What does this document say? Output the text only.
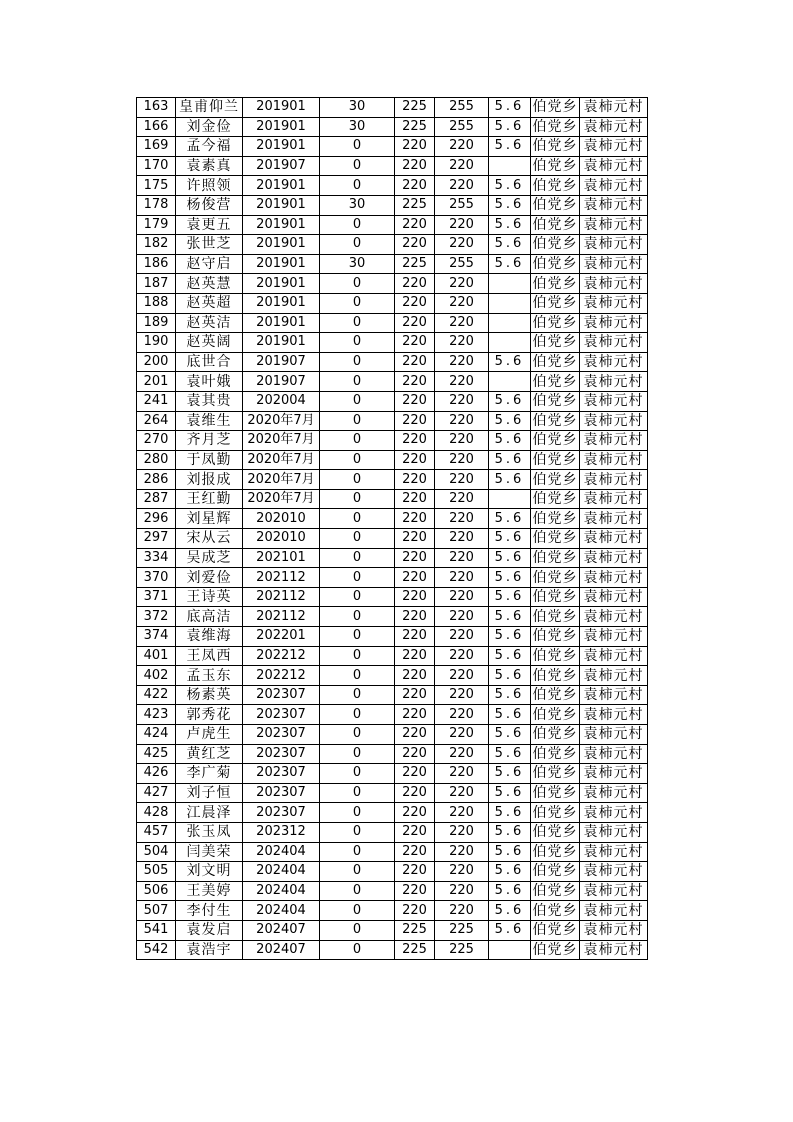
163	皇甫仰兰	201901	30	225	255	5.6	伯党乡	袁柿元村
166	刘金俭	201901	30	225	255	5.6	伯党乡	袁柿元村
169	孟今福	201901	0	220	220	5.6	伯党乡	袁柿元村
170	袁素真	201907	0	220	220		伯党乡	袁柿元村
175	许照领	201901	0	220	220	5.6	伯党乡	袁柿元村
178	杨俊营	201901	30	225	255	5.6	伯党乡	袁柿元村
179	袁更五	201901	0	220	220	5.6	伯党乡	袁柿元村
182	张世芝	201901	0	220	220	5.6	伯党乡	袁柿元村
186	赵守启	201901	30	225	255	5.6	伯党乡	袁柿元村
187	赵英慧	201901	0	220	220		伯党乡	袁柿元村
188	赵英超	201901	0	220	220		伯党乡	袁柿元村
189	赵英洁	201901	0	220	220		伯党乡	袁柿元村
190	赵英阔	201901	0	220	220		伯党乡	袁柿元村
200	底世合	201907	0	220	220	5.6	伯党乡	袁柿元村
201	袁叶娥	201907	0	220	220		伯党乡	袁柿元村
241	袁其贵	202004	0	220	220	5.6	伯党乡	袁柿元村
264	袁维生	2020年7月	0	220	220	5.6	伯党乡	袁柿元村
270	齐月芝	2020年7月	0	220	220	5.6	伯党乡	袁柿元村
280	于凤勤	2020年7月	0	220	220	5.6	伯党乡	袁柿元村
286	刘报成	2020年7月	0	220	220	5.6	伯党乡	袁柿元村
287	王红勤	2020年7月	0	220	220		伯党乡	袁柿元村
296	刘星辉	202010	0	220	220	5.6	伯党乡	袁柿元村
297	宋从云	202010	0	220	220	5.6	伯党乡	袁柿元村
334	吴成芝	202101	0	220	220	5.6	伯党乡	袁柿元村
370	刘爱俭	202112	0	220	220	5.6	伯党乡	袁柿元村
371	王诗英	202112	0	220	220	5.6	伯党乡	袁柿元村
372	底高洁	202112	0	220	220	5.6	伯党乡	袁柿元村
374	袁维海	202201	0	220	220	5.6	伯党乡	袁柿元村
401	王凤西	202212	0	220	220	5.6	伯党乡	袁柿元村
402	孟玉东	202212	0	220	220	5.6	伯党乡	袁柿元村
422	杨素英	202307	0	220	220	5.6	伯党乡	袁柿元村
423	郭秀花	202307	0	220	220	5.6	伯党乡	袁柿元村
424	卢虎生	202307	0	220	220	5.6	伯党乡	袁柿元村
425	黄红芝	202307	0	220	220	5.6	伯党乡	袁柿元村
426	李广菊	202307	0	220	220	5.6	伯党乡	袁柿元村
427	刘子恒	202307	0	220	220	5.6	伯党乡	袁柿元村
428	江晨泽	202307	0	220	220	5.6	伯党乡	袁柿元村
457	张玉凤	202312	0	220	220	5.6	伯党乡	袁柿元村
504	闫美荣	202404	0	220	220	5.6	伯党乡	袁柿元村
505	刘文明	202404	0	220	220	5.6	伯党乡	袁柿元村
506	王美婷	202404	0	220	220	5.6	伯党乡	袁柿元村
507	李付生	202404	0	220	220	5.6	伯党乡	袁柿元村
541	袁发启	202407	0	225	225	5.6	伯党乡	袁柿元村
542	袁浩宇	202407	0	225	225		伯党乡	袁柿元村
